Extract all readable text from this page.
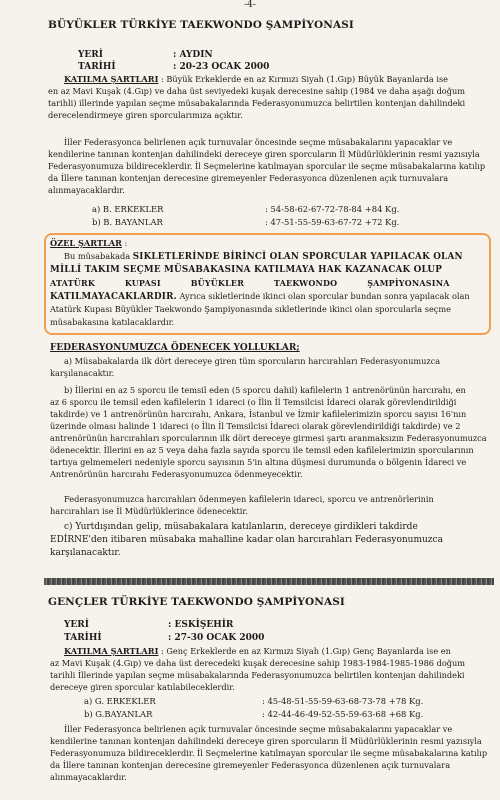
-4-
BÜYÜKLER TÜRKİYE TAEKWONDO ŞAMPİYONASI
YERİ	: AYDIN
TARİHİ	: 20-23 OCAK 2000
KATILMA ŞARTLARI : Büyük Erkeklerde en az Kırmızı Siyah (1.Gıp) Büyük Bayanlarda ise
en az Mavi Kuşak (4.Gıp) ve daha üst seviyedeki kuşak derecesine sahip (1984 ve daha aşağı doğum
tarihli) illerinde yapılan seçme müsabakalarında Federasyonumuzca belirtilen kontenjan dahilindeki
derecelendirmeye giren sporcularımıza açıktır.
İller Federasyonca belirlenen açık turnuvalar öncesinde seçme müsabakalarını yapacaklar ve
kendilerine tanınan kontenjan dahilindeki dereceye giren sporcuların İl Müdürlüklerinin resmi yazısıyla
Federasyonumuza bildireceklerdir. İl Seçmelerine katılmayan sporcular ile seçme müsabakalarına katılıp
da İllere tanınan kontenjan derecesine giremeyenler Federasyonca düzenlenen açık turnuvalara
alınmayacaklardır.
a) B. ERKEKLER	: 54-58-62-67-72-78-84 +84 Kg.
b) B. BAYANLAR	: 47-51-55-59-63-67-72 +72 Kg.
ÖZEL ŞARTLAR :
Bu müsabakada SIKLETLERİNDE BİRİNCİ OLAN SPORCULAR YAPILACAK OLAN
MİLLİ TAKIM SEÇME MÜSABAKASINA KATILMAYA HAK KAZANACAK OLUP
ATATÜRK          KUPASI          BÜYÜKLER          TAEKWONDO          ŞAMPİYONASINA
KATILMAYACAKLARDIR. Ayrıca sıkletlerinde ikinci olan sporcular bundan sonra yapılacak olan
Atatürk Kupası Büyükler Taekwondo Şampiyonasında sıkletlerinde ikinci olan sporcularla seçme
müsabakasına katılacaklardır.
FEDERASYONUMUZCA ÖDENECEK YOLLUKLAR;
a) Müsabakalarda ilk dört dereceye giren tüm sporcuların harcırahları Federasyonumuzca
karşılanacaktır.
b) İllerini en az 5 sporcu ile temsil eden (5 sporcu dahil) kafilelerin 1 antrenörünün harcırahı, en
az 6 sporcu ile temsil eden kafilelerin 1 idareci (o İlin İl Temsilcisi İdareci olarak görevlendirildiği
takdirde) ve 1 antrenörünün harcırahı, Ankara, İstanbul ve İzmir kafilelerimizin sporcu sayısı 16'nın
üzerinde olması halinde 1 idareci (o İlin İl Temsilcisi İdareci olarak görevlendirildiği takdirde) ve 2
antrenörünün harcırahları sporcularının ilk dört dereceye girmesi şartı aranmaksızın Federasyonumuzca
ödenecektir. İllerini en az 5 veya daha fazla sayıda sporcu ile temsil eden kafilelerimizin sporcularının
tartıya gelmemeleri nedeniyle sporcu sayısının 5'in altına düşmesi durumunda o bölgenin İdareci ve
Antrenörünün harcırahı Federasyonumuzca ödenmeyecektir.
Federasyonumuzca harcırahları ödenmeyen kafilelerin idareci, sporcu ve antrenörlerinin
harcırahları ise İl Müdürlüklerince ödenecektir.
c) Yurtdışından gelip, müsabakalara katılanların, dereceye girdikleri takdirde
EDİRNE'den itibaren müsabaka mahalline kadar olan harcırahları Federasyonumuzca
karşılanacaktır.
GENÇLER TÜRKİYE TAEKWONDO ŞAMPİYONASI
YERİ	: ESKİŞEHİR
TARİHİ	: 27-30 OCAK 2000
KATILMA ŞARTLARI : Genç Erkeklerde en az Kırmızı Siyah (1.Gıp) Genç Bayanlarda ise en
az Mavi Kuşak (4.Gıp) ve daha üst derecedeki kuşak derecesine sahip 1983-1984-1985-1986 doğum
tarihli İllerinde yapılan seçme müsabakalarında Federasyonumuzca belirtilen kontenjan dahilindeki
dereceye giren sporcular katılabileceklerdir.
a) G. ERKEKLER	: 45-48-51-55-59-63-68-73-78 +78 Kg.
b) G.BAYANLAR	: 42-44-46-49-52-55-59-63-68 +68 Kg.
İller Federasyonca belirlenen açık turnuvalar öncesinde seçme müsabakalarını yapacaklar ve
kendilerine tanınan kontenjan dahilindeki dereceye giren sporcuların İl Müdürlüklerinin resmi yazısıyla
Federasyonumuza bildireceklerdir. İl Seçmelerine katılmayan sporcular ile seçme müsabakalarına katılıp
da İllere tanınan kontenjan derecesine giremeyenler Federasyonca düzenlenen açık turnuvalara
alınmayacaklardır.
